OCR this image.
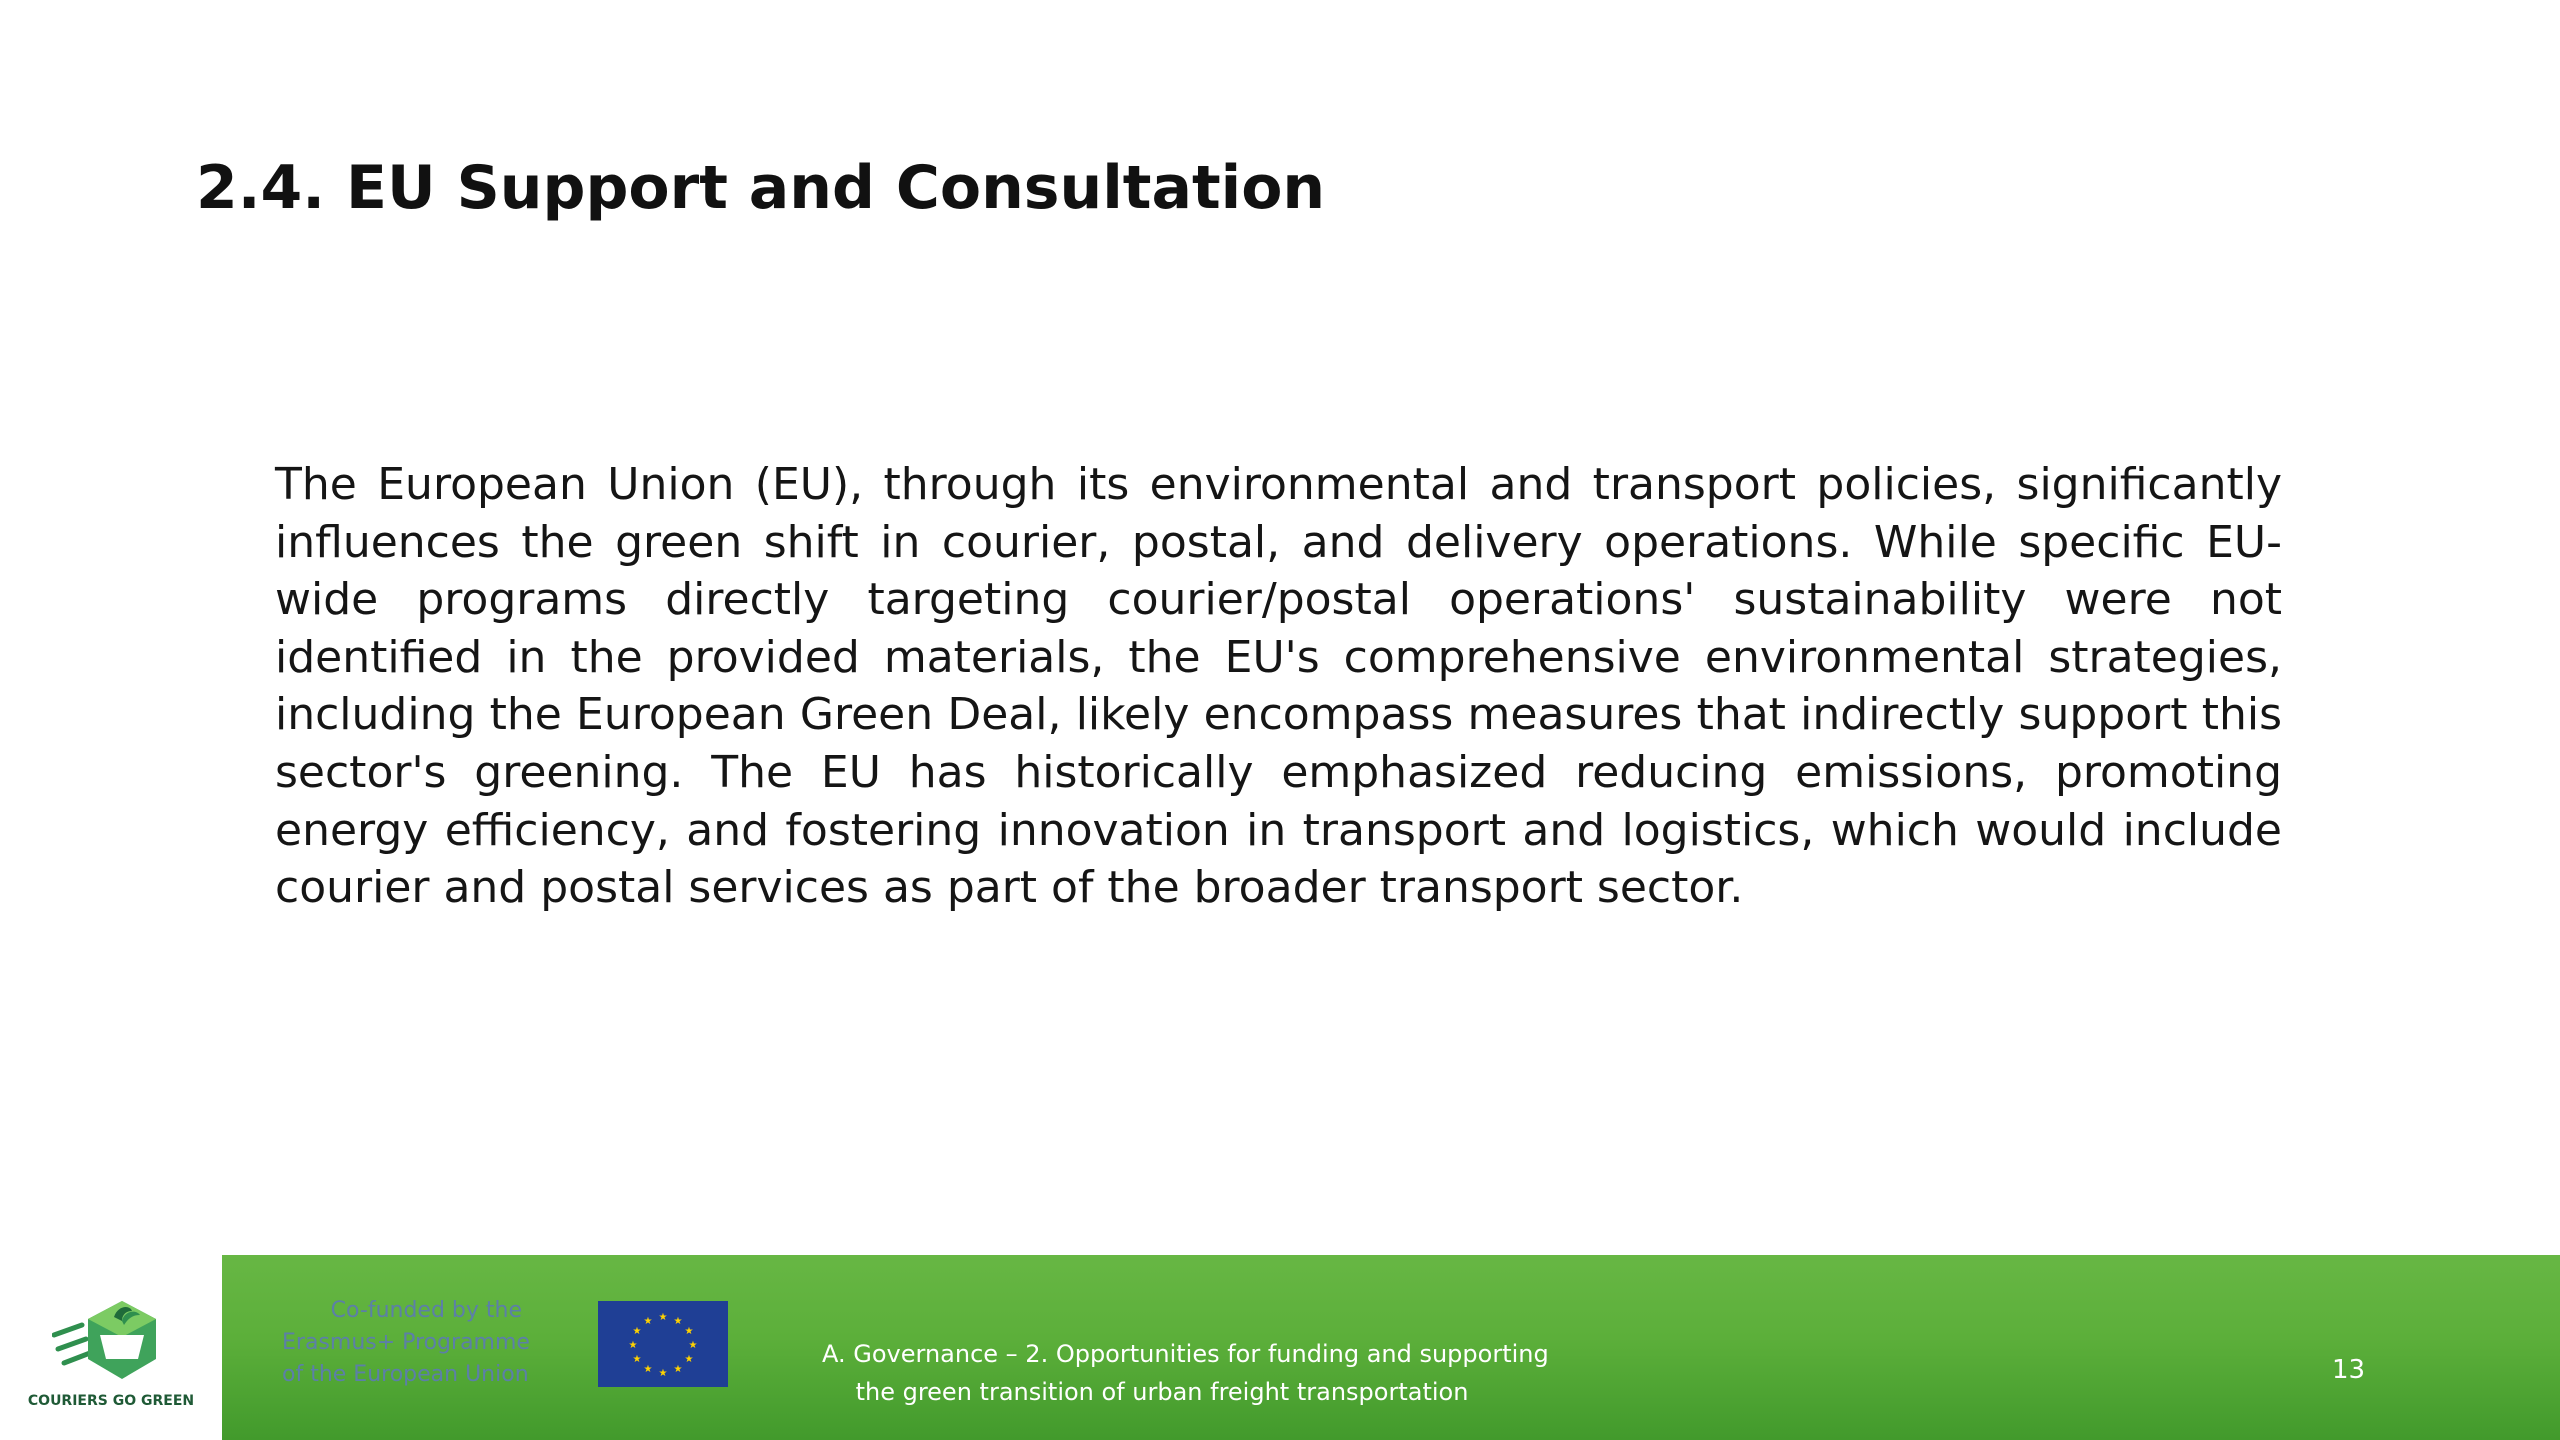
2.4. EU Support and Consultation

The European Union (EU), through its environmental and transport policies, significantly influences the green shift in courier, postal, and delivery operations. While specific EU-wide programs directly targeting courier/postal operations' sustainability were not identified in the provided materials, the EU's comprehensive environmental strategies, including the European Green Deal, likely encompass measures that indirectly support this sector's greening. The EU has historically emphasized reducing emissions, promoting energy efficiency, and fostering innovation in transport and logistics, which would include courier and postal services as part of the broader transport sector.

COURIERS GO GREEN
Co-funded by the
Erasmus+ Programme
of the European Union
★ ★
★
★
★
★
★
★
★
★
★
★
A. Governance – 2. Opportunities for funding and supporting
the green transition of urban freight transportation
13
